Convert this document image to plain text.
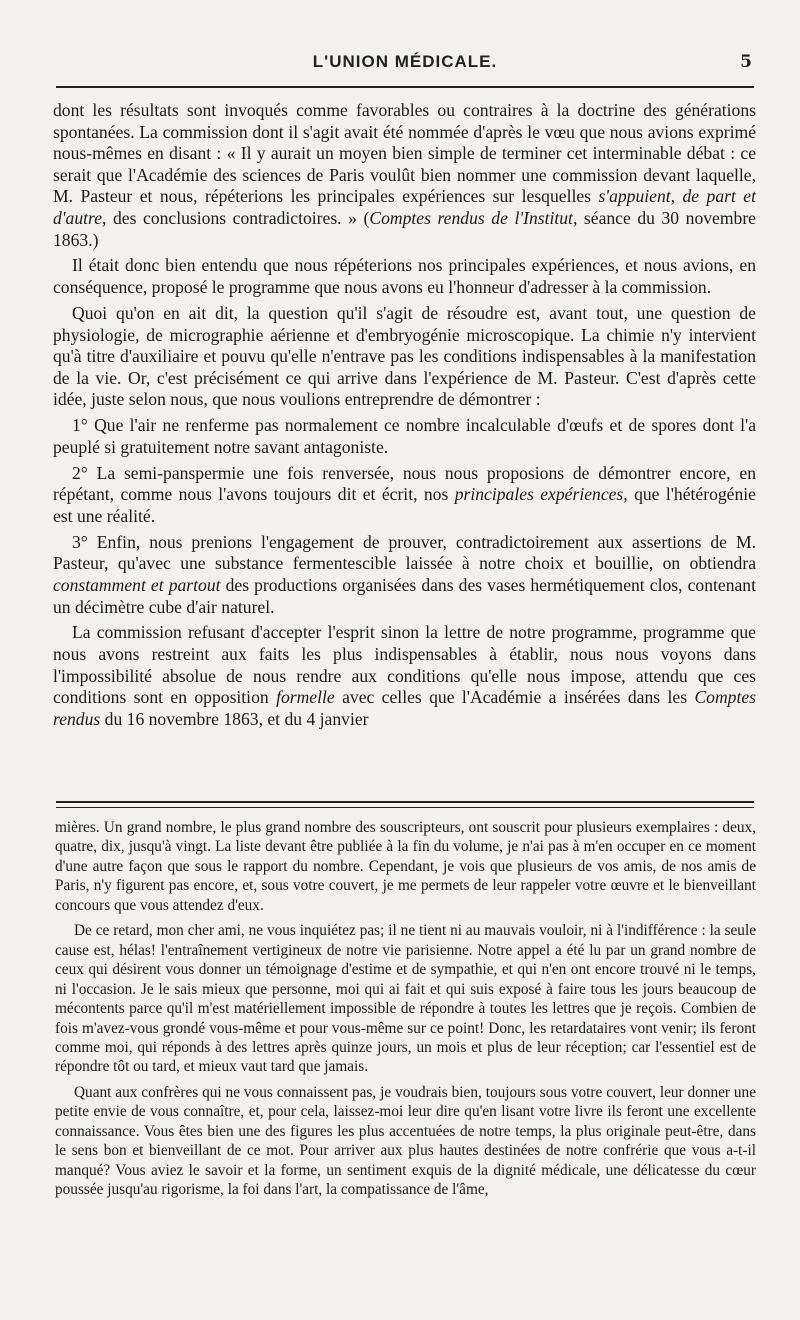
L'UNION MÉDICALE.	5

dont les résultats sont invoqués comme favorables ou contraires à la doctrine des générations spontanées. La commission dont il s'agit avait été nommée d'après le vœu que nous avions exprimé nous-mêmes en disant : « Il y aurait un moyen bien simple de terminer cet interminable débat : ce serait que l'Académie des sciences de Paris voulût bien nommer une commission devant laquelle, M. Pasteur et nous, répéterions les principales expériences sur lesquelles s'appuient, de part et d'autre, des conclusions contradictoires. » (Comptes rendus de l'Institut, séance du 30 novembre 1863.)

Il était donc bien entendu que nous répéterions nos principales expériences, et nous avions, en conséquence, proposé le programme que nous avons eu l'honneur d'adresser à la commission.

Quoi qu'on en ait dit, la question qu'il s'agit de résoudre est, avant tout, une question de physiologie, de micrographie aérienne et d'embryogénie microscopique. La chimie n'y intervient qu'à titre d'auxiliaire et pouvu qu'elle n'entrave pas les conditions indispensables à la manifestation de la vie. Or, c'est précisément ce qui arrive dans l'expérience de M. Pasteur. C'est d'après cette idée, juste selon nous, que nous voulions entreprendre de démontrer :

1° Que l'air ne renferme pas normalement ce nombre incalculable d'œufs et de spores dont l'a peuplé si gratuitement notre savant antagoniste.

2° La semi-panspermie une fois renversée, nous nous proposions de démontrer encore, en répétant, comme nous l'avons toujours dit et écrit, nos principales expériences, que l'hétérogénie est une réalité.

3° Enfin, nous prenions l'engagement de prouver, contradictoirement aux assertions de M. Pasteur, qu'avec une substance fermentescible laissée à notre choix et bouillie, on obtiendra constamment et partout des productions organisées dans des vases hermétiquement clos, contenant un décimètre cube d'air naturel.

La commission refusant d'accepter l'esprit sinon la lettre de notre programme, programme que nous avons restreint aux faits les plus indispensables à établir, nous nous voyons dans l'impossibilité absolue de nous rendre aux conditions qu'elle nous impose, attendu que ces conditions sont en opposition formelle avec celles que l'Académie a insérées dans les Comptes rendus du 16 novembre 1863, et du 4 janvier

mières. Un grand nombre, le plus grand nombre des souscripteurs, ont souscrit pour plusieurs exemplaires : deux, quatre, dix, jusqu'à vingt. La liste devant être publiée à la fin du volume, je n'ai pas à m'en occuper en ce moment d'une autre façon que sous le rapport du nombre. Cependant, je vois que plusieurs de vos amis, de nos amis de Paris, n'y figurent pas encore, et, sous votre couvert, je me permets de leur rappeler votre œuvre et le bienveillant concours que vous attendez d'eux.

De ce retard, mon cher ami, ne vous inquiétez pas; il ne tient ni au mauvais vouloir, ni à l'indifférence : la seule cause est, hélas! l'entraînement vertigineux de notre vie parisienne. Notre appel a été lu par un grand nombre de ceux qui désirent vous donner un témoignage d'estime et de sympathie, et qui n'en ont encore trouvé ni le temps, ni l'occasion. Je le sais mieux que personne, moi qui ai fait et qui suis exposé à faire tous les jours beaucoup de mécontents parce qu'il m'est matériellement impossible de répondre à toutes les lettres que je reçois. Combien de fois m'avez-vous grondé vous-même et pour vous-même sur ce point! Donc, les retardataires vont venir; ils feront comme moi, qui réponds à des lettres après quinze jours, un mois et plus de leur réception; car l'essentiel est de répondre tôt ou tard, et mieux vaut tard que jamais.

Quant aux confrères qui ne vous connaissent pas, je voudrais bien, toujours sous votre couvert, leur donner une petite envie de vous connaître, et, pour cela, laissez-moi leur dire qu'en lisant votre livre ils feront une excellente connaissance. Vous êtes bien une des figures les plus accentuées de notre temps, la plus originale peut-être, dans le sens bon et bienveillant de ce mot. Pour arriver aux plus hautes destinées de notre confrérie que vous a-t-il manqué? Vous aviez le savoir et la forme, un sentiment exquis de la dignité médicale, une délicatesse du cœur poussée jusqu'au rigorisme, la foi dans l'art, la compatissance de l'âme,
